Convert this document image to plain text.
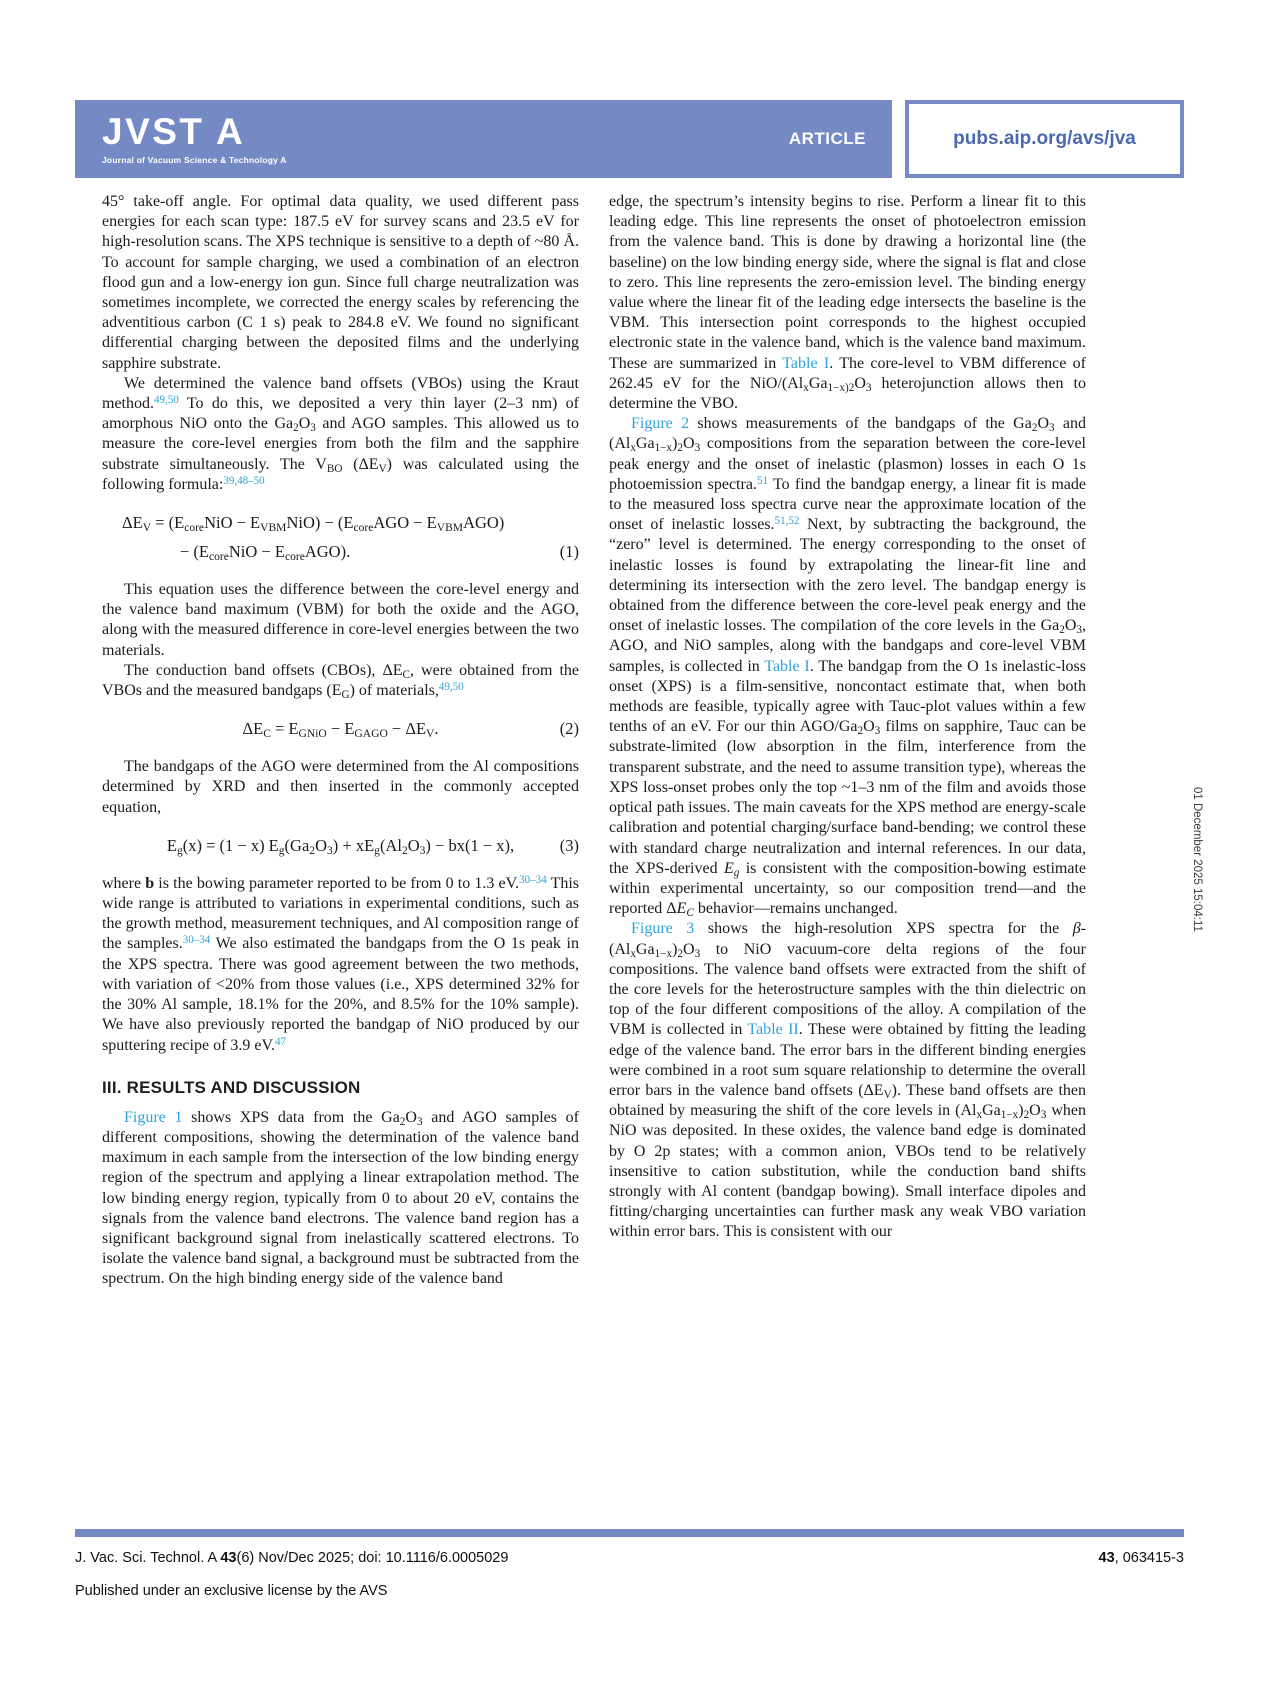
JVST A
Journal of Vacuum Science & Technology A
ARTICLE	pubs.aip.org/avs/jva

45° take-off angle. For optimal data quality, we used different pass energies for each scan type: 187.5 eV for survey scans and 23.5 eV for high-resolution scans. The XPS technique is sensitive to a depth of ~80 Å. To account for sample charging, we used a combination of an electron flood gun and a low-energy ion gun. Since full charge neutralization was sometimes incomplete, we corrected the energy scales by referencing the adventitious carbon (C 1 s) peak to 284.8 eV. We found no significant differential charging between the deposited films and the underlying sapphire substrate.

We determined the valence band offsets (VBOs) using the Kraut method.$^{49,50}$ To do this, we deposited a very thin layer (2–3 nm) of amorphous NiO onto the $Ga_2O_3$ and AGO samples. This allowed us to measure the core-level energies from both the film and the sapphire substrate simultaneously. The $V_{BO}$ $(\Delta E_V)$ was calculated using the following formula:$^{39,48-50}$

$\Delta E_V = (E_{core}NiO - E_{VBM}NiO) - (E_{core}AGO - E_{VBM}AGO)$
− $(E_{core}NiO - E_{core}AGO)$.	(1)

This equation uses the difference between the core-level energy and the valence band maximum (VBM) for both the oxide and the AGO, along with the measured difference in core-level energies between the two materials.

The conduction band offsets (CBOs), $\Delta E_C$, were obtained from the VBOs and the measured bandgaps $(E_G)$ of materials,$^{49,50}$

$\Delta E_C = E_{GNiO} - E_{GAGO} - \Delta E_V$.	(2)

The bandgaps of the AGO were determined from the Al compositions determined by XRD and then inserted in the commonly accepted equation,

$E_g(x) = (1 - x) E_g(Ga_2O_3) + xE_g(Al_2O_3) - bx(1 - x)$,	(3)

where b is the bowing parameter reported to be from 0 to 1.3 eV.$^{30-34}$ This wide range is attributed to variations in experimental conditions, such as the growth method, measurement techniques, and Al composition range of the samples.$^{30-34}$ We also estimated the bandgaps from the O 1s peak in the XPS spectra. There was good agreement between the two methods, with variation of <20% from those values (i.e., XPS determined 32% for the 30% Al sample, 18.1% for the 20%, and 8.5% for the 10% sample). We have also previously reported the bandgap of NiO produced by our sputtering recipe of 3.9 eV.$^{47}$

III. RESULTS AND DISCUSSION

Figure 1 shows XPS data from the $Ga_2O_3$ and AGO samples of different compositions, showing the determination of the valence band maximum in each sample from the intersection of the low binding energy region of the spectrum and applying a linear extrapolation method. The low binding energy region, typically from 0 to about 20 eV, contains the signals from the valence band electrons. The valence band region has a significant background signal from inelastically scattered electrons. To isolate the valence band signal, a background must be subtracted from the spectrum. On the high binding energy side of the valence band

edge, the spectrum’s intensity begins to rise. Perform a linear fit to this leading edge. This line represents the onset of photoelectron emission from the valence band. This is done by drawing a horizontal line (the baseline) on the low binding energy side, where the signal is flat and close to zero. This line represents the zero-emission level. The binding energy value where the linear fit of the leading edge intersects the baseline is the VBM. This intersection point corresponds to the highest occupied electronic state in the valence band, which is the valence band maximum. These are summarized in Table I. The core-level to VBM difference of 262.45 eV for the NiO/($Al_xGa_{1-x)2}O_3$ heterojunction allows then to determine the VBO.

Figure 2 shows measurements of the bandgaps of the $Ga_2O_3$ and $(Al_xGa_{1-x})_2O_3$ compositions from the separation between the core-level peak energy and the onset of inelastic (plasmon) losses in each O 1s photoemission spectra.$^{51}$ To find the bandgap energy, a linear fit is made to the measured loss spectra curve near the approximate location of the onset of inelastic losses.$^{51,52}$ Next, by subtracting the background, the “zero” level is determined. The energy corresponding to the onset of inelastic losses is found by extrapolating the linear-fit line and determining its intersection with the zero level. The bandgap energy is obtained from the difference between the core-level peak energy and the onset of inelastic losses. The compilation of the core levels in the $Ga_2O_3$, AGO, and NiO samples, along with the bandgaps and core-level VBM samples, is collected in Table I. The bandgap from the O 1s inelastic-loss onset (XPS) is a film-sensitive, noncontact estimate that, when both methods are feasible, typically agree with Tauc-plot values within a few tenths of an eV. For our thin AGO/$Ga_2O_3$ films on sapphire, Tauc can be substrate-limited (low absorption in the film, interference from the transparent substrate, and the need to assume transition type), whereas the XPS loss-onset probes only the top ~1–3 nm of the film and avoids those optical path issues. The main caveats for the XPS method are energy-scale calibration and potential charging/surface band-bending; we control these with standard charge neutralization and internal references. In our data, the XPS-derived $E_g$ is consistent with the composition-bowing estimate within experimental uncertainty, so our composition trend—and the reported $\Delta E_C$ behavior—remains unchanged.

Figure 3 shows the high-resolution XPS spectra for the $\beta-(Al_xGa_{1-x})_2O_3$ to NiO vacuum-core delta regions of the four compositions. The valence band offsets were extracted from the shift of the core levels for the heterostructure samples with the thin dielectric on top of the four different compositions of the alloy. A compilation of the VBM is collected in Table II. These were obtained by fitting the leading edge of the valence band. The error bars in the different binding energies were combined in a root sum square relationship to determine the overall error bars in the valence band offsets $(\Delta E_V)$. These band offsets are then obtained by measuring the shift of the core levels in $(Al_xGa_{1-x})_2O_3$ when NiO was deposited. In these oxides, the valence band edge is dominated by O 2p states; with a common anion, VBOs tend to be relatively insensitive to cation substitution, while the conduction band shifts strongly with Al content (bandgap bowing). Small interface dipoles and fitting/charging uncertainties can further mask any weak VBO variation within error bars. This is consistent with our

J. Vac. Sci. Technol. A 43(6) Nov/Dec 2025; doi: 10.1116/6.0005029
Published under an exclusive license by the AVS
43, 063415-3
01 December 2025 15:04:11
